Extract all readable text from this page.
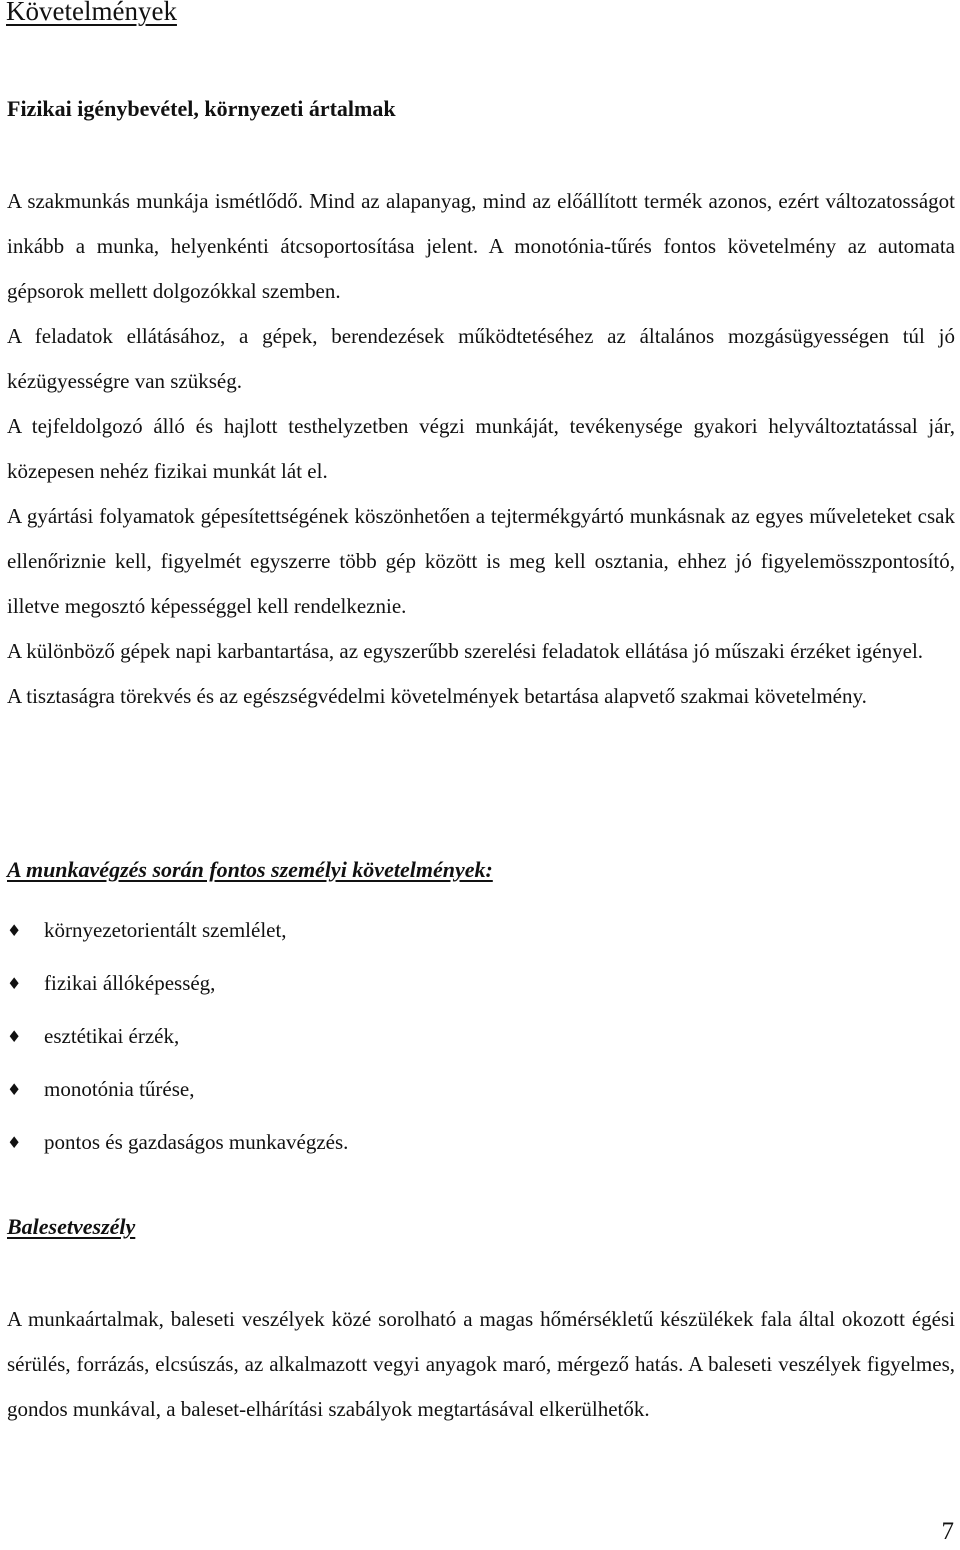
Követelmények
Fizikai igénybevétel, környezeti ártalmak

A szakmunkás munkája ismétlődő. Mind az alapanyag, mind az előállított termék azonos, ezért változatosságot inkább a munka, helyenkénti átcsoportosítása jelent. A monotónia-tűrés fontos követelmény az automata gépsorok mellett dolgozókkal szemben.

A feladatok ellátásához, a gépek, berendezések működtetéséhez az általános mozgásügyességen túl jó kézügyességre van szükség.

A tejfeldolgozó álló és hajlott testhelyzetben végzi munkáját, tevékenysége gyakori helyváltoztatással jár, közepesen nehéz fizikai munkát lát el.

A gyártási folyamatok gépesítettségének köszönhetően a tejtermékgyártó munkásnak az egyes műveleteket csak ellenőriznie kell, figyelmét egyszerre több gép között is meg kell osztania, ehhez jó figyelemösszpontosító, illetve megosztó képességgel kell rendelkeznie.

A különböző gépek napi karbantartása, az egyszerűbb szerelési feladatok ellátása jó műszaki érzéket igényel.

A tisztaságra törekvés és az egészségvédelmi követelmények betartása alapvető szakmai követelmény.

A munkavégzés során fontos személyi követelmények:
♦	környezetorientált szemlélet,
♦	fizikai állóképesség,
♦	esztétikai érzék,
♦	monotónia tűrése,
♦	pontos és gazdaságos munkavégzés.
Balesetveszély

A munkaártalmak, baleseti veszélyek közé sorolható a magas hőmérsékletű készülékek fala által okozott égési sérülés, forrázás, elcsúszás, az alkalmazott vegyi anyagok maró, mérgező hatás. A baleseti veszélyek figyelmes, gondos munkával, a baleset-elhárítási szabályok megtartásával elkerülhetők.

7
